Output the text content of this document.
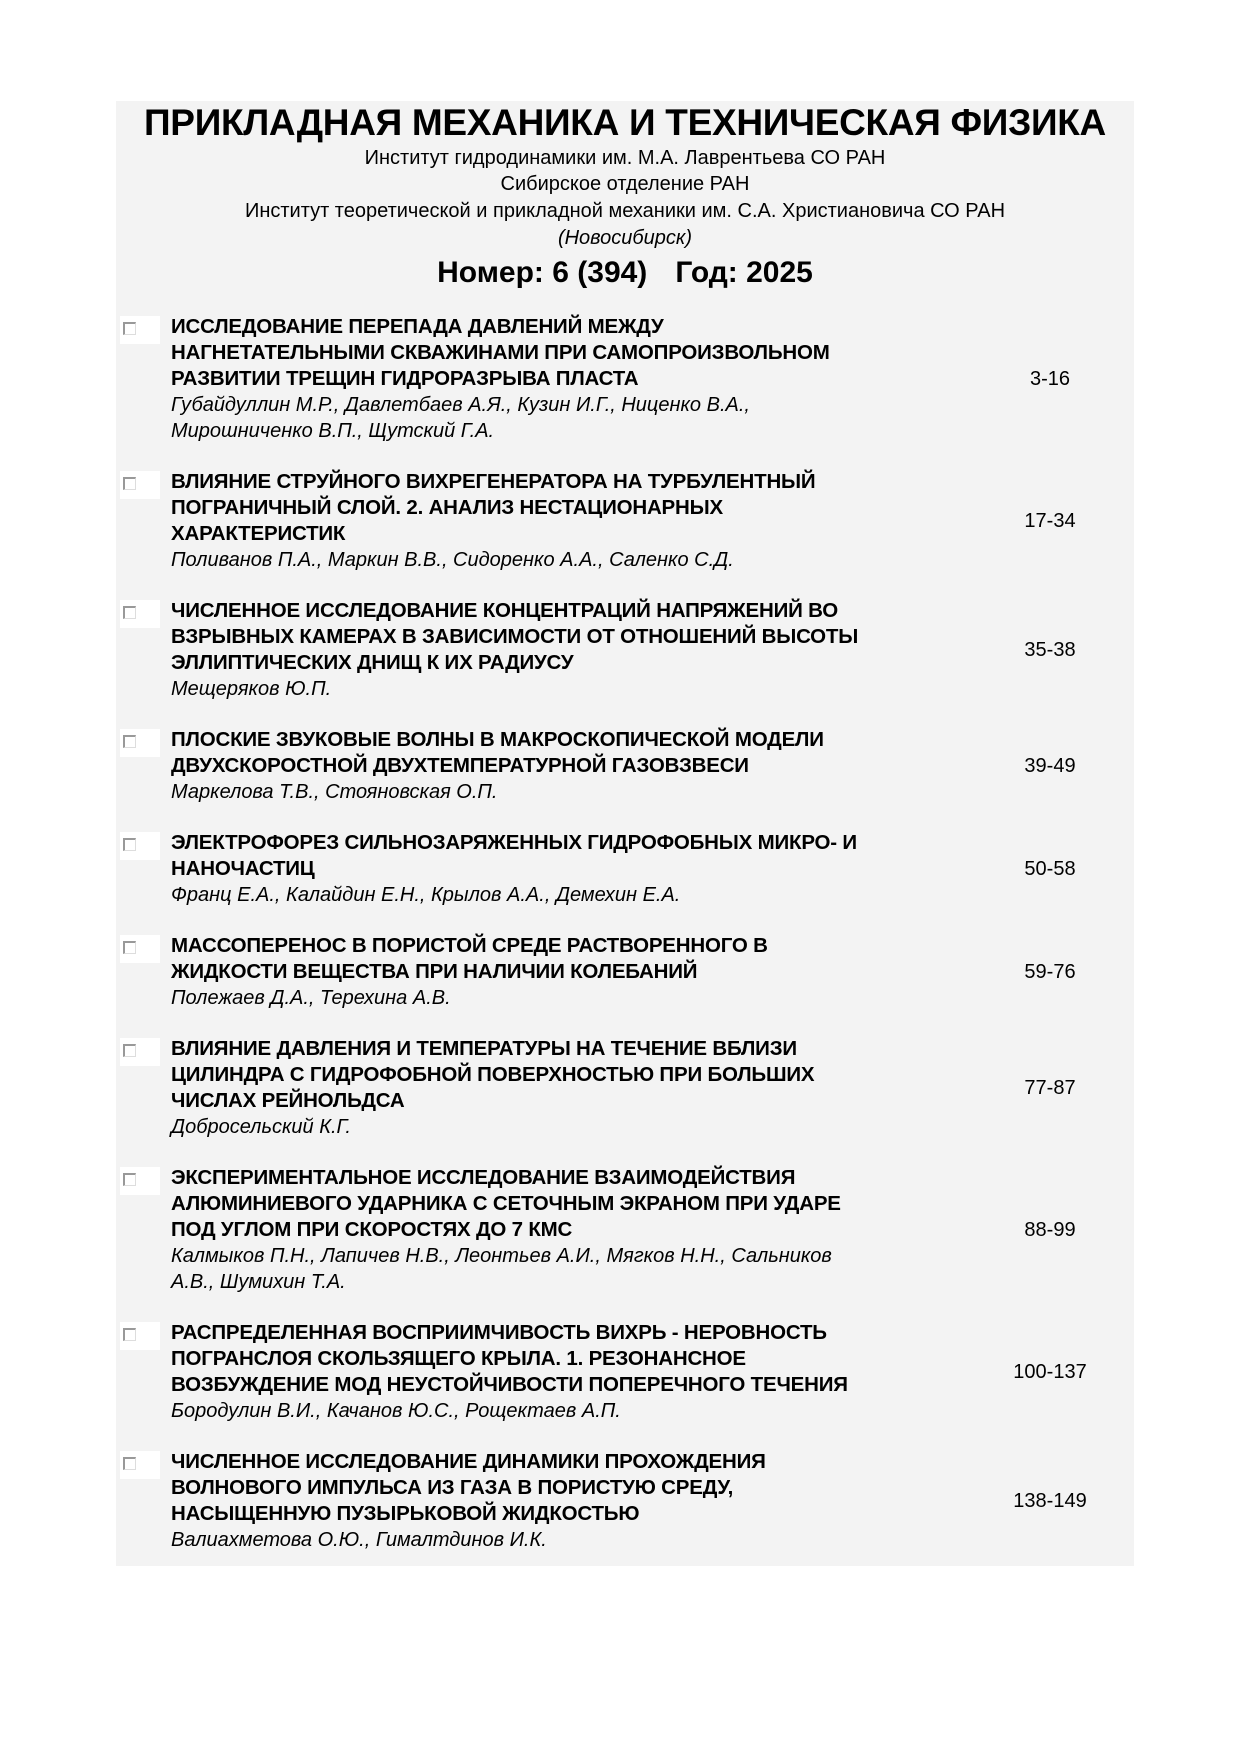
ПРИКЛАДНАЯ МЕХАНИКА И ТЕХНИЧЕСКАЯ ФИЗИКА
Институт гидродинамики им. М.А. Лаврентьева СО РАН
Сибирское отделение РАН
Институт теоретической и прикладной механики им. С.А. Христиановича СО РАН
(Новосибирск)
Номер: 6 (394) Год: 2025
ИССЛЕДОВАНИЕ ПЕРЕПАДА ДАВЛЕНИЙ МЕЖДУ
НАГНЕТАТЕЛЬНЫМИ СКВАЖИНАМИ ПРИ САМОПРОИЗВОЛЬНОМ
РАЗВИТИИ ТРЕЩИН ГИДРОРАЗРЫВА ПЛАСТА
Губайдуллин М.Р., Давлетбаев А.Я., Кузин И.Г., Ниценко В.А.,
Мирошниченко В.П., Щутский Г.А.
3-16
ВЛИЯНИЕ СТРУЙНОГО ВИХРЕГЕНЕРАТОРА НА ТУРБУЛЕНТНЫЙ
ПОГРАНИЧНЫЙ СЛОЙ. 2. АНАЛИЗ НЕСТАЦИОНАРНЫХ
ХАРАКТЕРИСТИК
Поливанов П.А., Маркин В.В., Сидоренко А.А., Саленко С.Д.
17-34
ЧИСЛЕННОЕ ИССЛЕДОВАНИЕ КОНЦЕНТРАЦИЙ НАПРЯЖЕНИЙ ВО
ВЗРЫВНЫХ КАМЕРАХ В ЗАВИСИМОСТИ ОТ ОТНОШЕНИЙ ВЫСОТЫ
ЭЛЛИПТИЧЕСКИХ ДНИЩ К ИХ РАДИУСУ
Мещеряков Ю.П.
35-38
ПЛОСКИЕ ЗВУКОВЫЕ ВОЛНЫ В МАКРОСКОПИЧЕСКОЙ МОДЕЛИ
ДВУХСКОРОСТНОЙ ДВУХТЕМПЕРАТУРНОЙ ГАЗОВЗВЕСИ
Маркелова Т.В., Стояновская О.П.
39-49
ЭЛЕКТРОФОРЕЗ СИЛЬНОЗАРЯЖЕННЫХ ГИДРОФОБНЫХ МИКРО- И
НАНОЧАСТИЦ
Франц Е.А., Калайдин Е.Н., Крылов А.А., Демехин Е.А.
50-58
МАССОПЕРЕНОС В ПОРИСТОЙ СРЕДЕ РАСТВОРЕННОГО В
ЖИДКОСТИ ВЕЩЕСТВА ПРИ НАЛИЧИИ КОЛЕБАНИЙ
Полежаев Д.А., Терехина А.В.
59-76
ВЛИЯНИЕ ДАВЛЕНИЯ И ТЕМПЕРАТУРЫ НА ТЕЧЕНИЕ ВБЛИЗИ
ЦИЛИНДРА С ГИДРОФОБНОЙ ПОВЕРХНОСТЬЮ ПРИ БОЛЬШИХ
ЧИСЛАХ РЕЙНОЛЬДСА
Добросельский К.Г.
77-87
ЭКСПЕРИМЕНТАЛЬНОЕ ИССЛЕДОВАНИЕ ВЗАИМОДЕЙСТВИЯ
АЛЮМИНИЕВОГО УДАРНИКА С СЕТОЧНЫМ ЭКРАНОМ ПРИ УДАРЕ
ПОД УГЛОМ ПРИ СКОРОСТЯХ ДО 7 КМС
Калмыков П.Н., Лапичев Н.В., Леонтьев А.И., Мягков Н.Н., Сальников
А.В., Шумихин Т.А.
88-99
РАСПРЕДЕЛЕННАЯ ВОСПРИИМЧИВОСТЬ ВИХРЬ - НЕРОВНОСТЬ
ПОГРАНСЛОЯ СКОЛЬЗЯЩЕГО КРЫЛА. 1. РЕЗОНАНСНОЕ
ВОЗБУЖДЕНИЕ МОД НЕУСТОЙЧИВОСТИ ПОПЕРЕЧНОГО ТЕЧЕНИЯ
Бородулин В.И., Качанов Ю.С., Рощектаев А.П.
100-137
ЧИСЛЕННОЕ ИССЛЕДОВАНИЕ ДИНАМИКИ ПРОХОЖДЕНИЯ
ВОЛНОВОГО ИМПУЛЬСА ИЗ ГАЗА В ПОРИСТУЮ СРЕДУ,
НАСЫЩЕННУЮ ПУЗЫРЬКОВОЙ ЖИДКОСТЬЮ
Валиахметова О.Ю., Гималтдинов И.К.
138-149
